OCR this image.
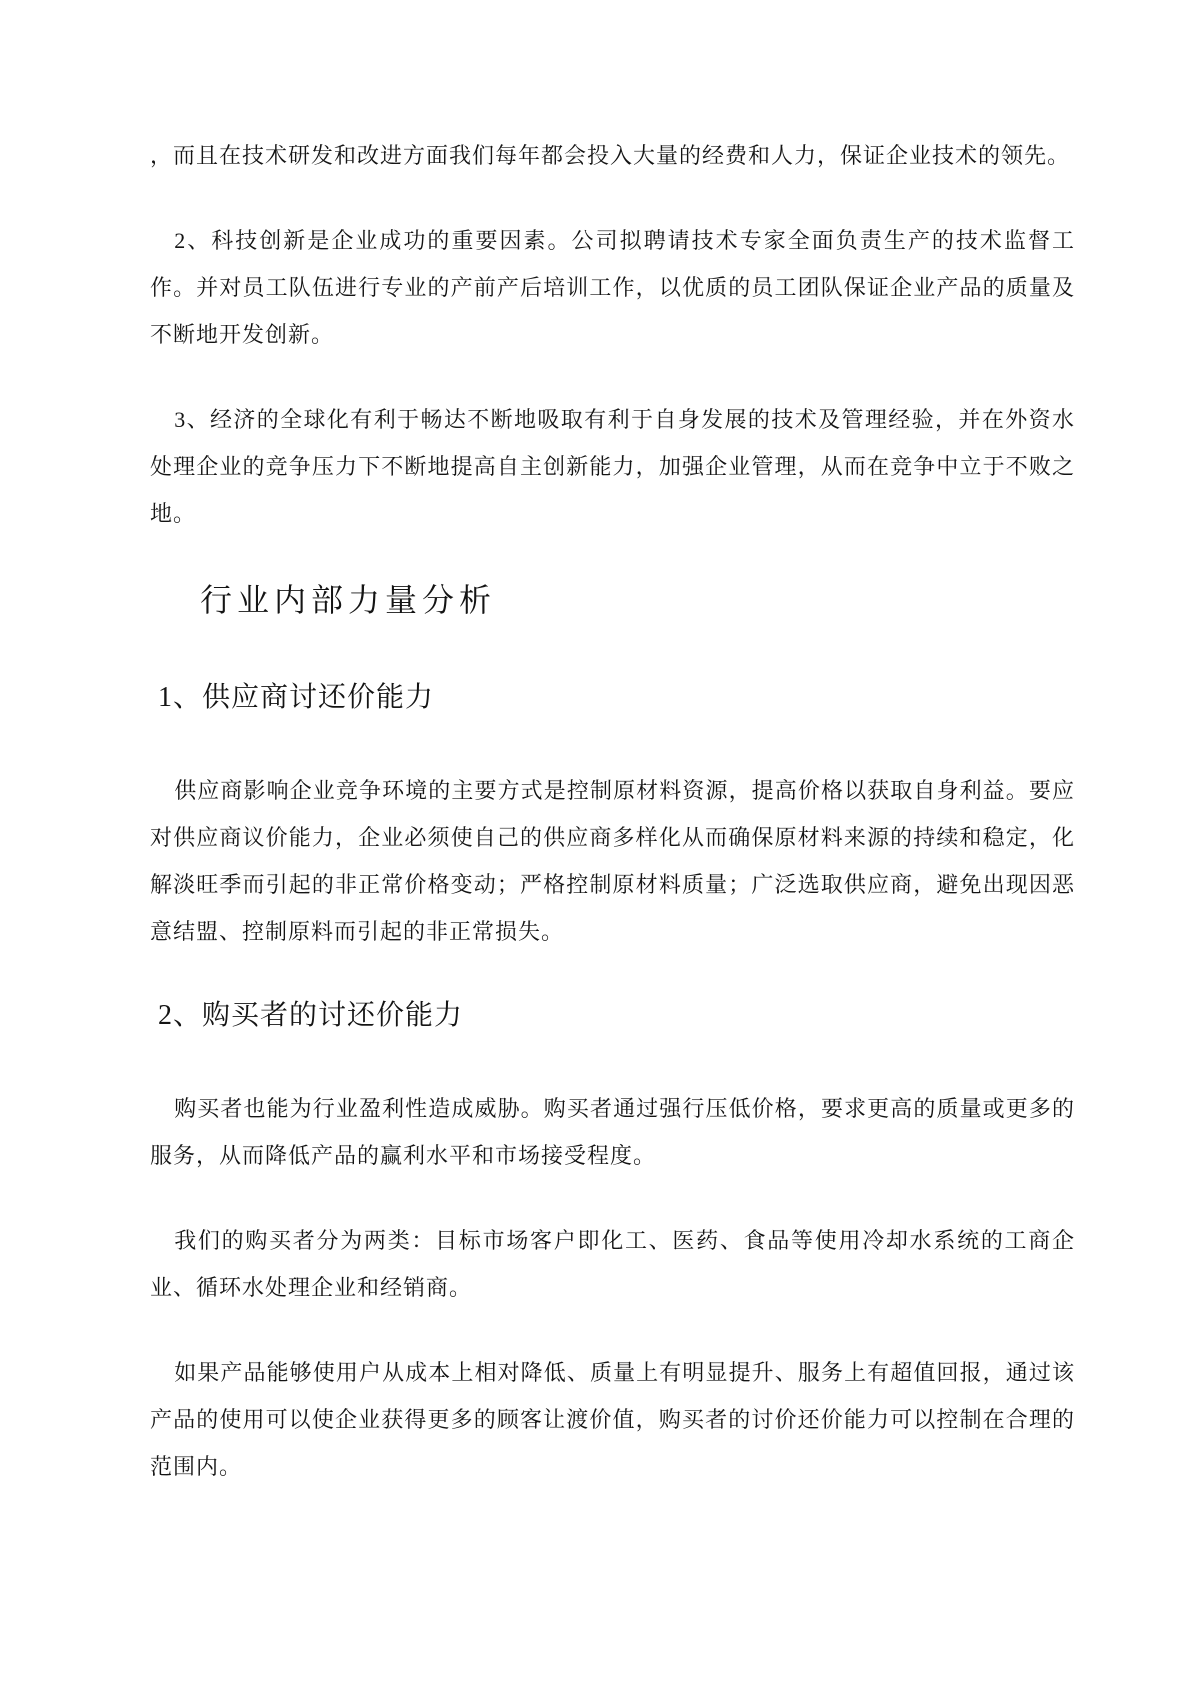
，而且在技术研发和改进方面我们每年都会投入大量的经费和人力，保证企业技术的领先。

2、科技创新是企业成功的重要因素。公司拟聘请技术专家全面负责生产的技术监督工作。并对员工队伍进行专业的产前产后培训工作，以优质的员工团队保证企业产品的质量及不断地开发创新。

3、经济的全球化有利于畅达不断地吸取有利于自身发展的技术及管理经验，并在外资水处理企业的竞争压力下不断地提高自主创新能力，加强企业管理，从而在竞争中立于不败之地。

行业内部力量分析
1、供应商讨还价能力

供应商影响企业竞争环境的主要方式是控制原材料资源，提高价格以获取自身利益。要应对供应商议价能力，企业必须使自己的供应商多样化从而确保原材料来源的持续和稳定，化解淡旺季而引起的非正常价格变动；严格控制原材料质量；广泛选取供应商，避免出现因恶意结盟、控制原料而引起的非正常损失。

2、购买者的讨还价能力

购买者也能为行业盈利性造成威胁。购买者通过强行压低价格，要求更高的质量或更多的服务，从而降低产品的赢利水平和市场接受程度。

我们的购买者分为两类：目标市场客户即化工、医药、食品等使用冷却水系统的工商企业、循环水处理企业和经销商。

如果产品能够使用户从成本上相对降低、质量上有明显提升、服务上有超值回报，通过该产品的使用可以使企业获得更多的顾客让渡价值，购买者的讨价还价能力可以控制在合理的范围内。
